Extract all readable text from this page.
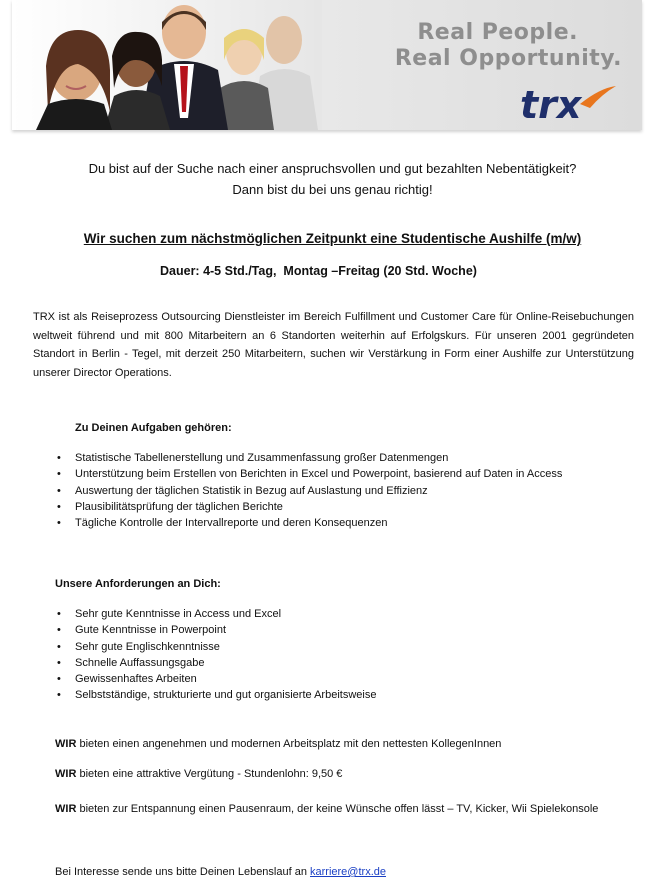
Real People.
Real Opportunity.
trx
Du bist auf der Suche nach einer anspruchsvollen und gut bezahlten Nebentätigkeit?
Dann bist du bei uns genau richtig!
Wir suchen zum nächstmöglichen Zeitpunkt eine Studentische Aushilfe (m/w)
Dauer: 4-5 Std./Tag,  Montag –Freitag (20 Std. Woche)
TRX ist als Reiseprozess Outsourcing Dienstleister im Bereich Fulfillment und Customer Care für Online-Reisebuchungen weltweit führend und mit 800 Mitarbeitern an 6 Standorten weiterhin auf Erfolgskurs. Für unseren 2001 gegründeten Standort in Berlin - Tegel, mit derzeit 250 Mitarbeitern, suchen wir Verstärkung in Form einer Aushilfe zur Unterstützung unserer Director Operations.
Zu Deinen Aufgaben gehören:
• Statistische Tabellenerstellung und Zusammenfassung großer Datenmengen
• Unterstützung beim Erstellen von Berichten in Excel und Powerpoint, basierend auf Daten in Access
• Auswertung der täglichen Statistik in Bezug auf Auslastung und Effizienz
• Plausibilitätsprüfung der täglichen Berichte
• Tägliche Kontrolle der Intervallreporte und deren Konsequenzen
Unsere Anforderungen an Dich:
• Sehr gute Kenntnisse in Access und Excel
• Gute Kenntnisse in Powerpoint
• Sehr gute Englischkenntnisse
• Schnelle Auffassungsgabe
• Gewissenhaftes Arbeiten
• Selbstständige, strukturierte und gut organisierte Arbeitsweise
WIR bieten einen angenehmen und modernen Arbeitsplatz mit den nettesten KollegenInnen
WIR bieten eine attraktive Vergütung - Stundenlohn: 9,50 €
WIR bieten zur Entspannung einen Pausenraum, der keine Wünsche offen lässt – TV, Kicker, Wii Spielekonsole
Bei Interesse sende uns bitte Deinen Lebenslauf an karriere@trx.de
